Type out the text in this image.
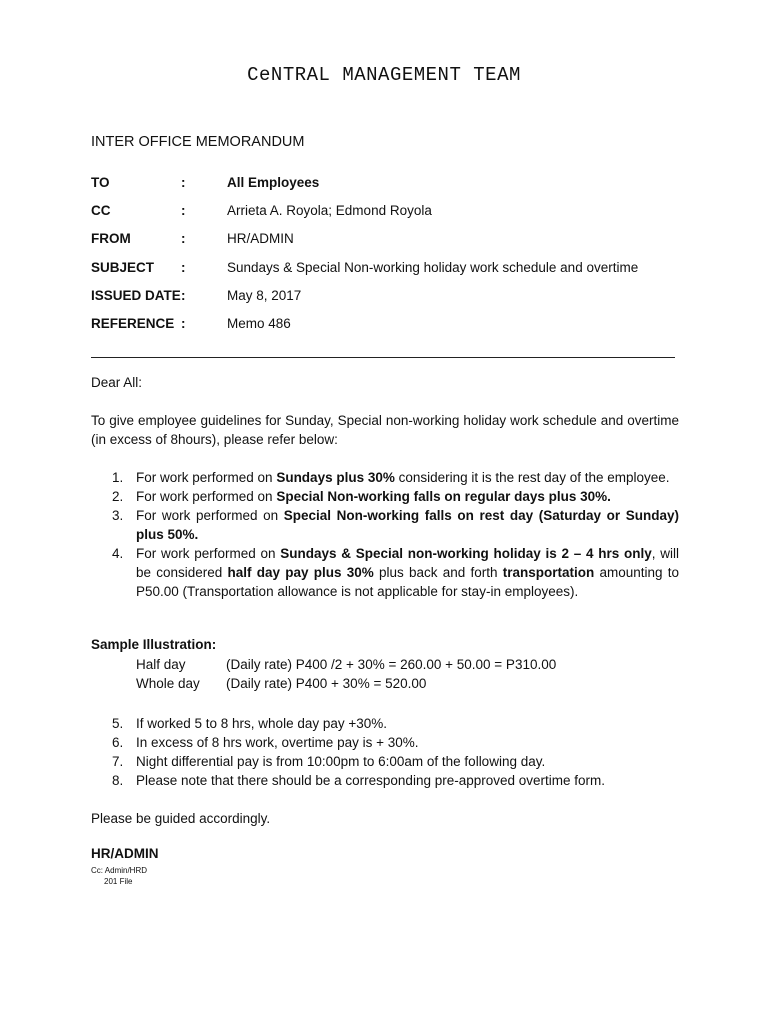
CeNTRAL MANAGEMENT TEAM
INTER OFFICE MEMORANDUM
TO	:	All Employees
CC	:	Arrieta A. Royola; Edmond Royola
FROM	:	HR/ADMIN
SUBJECT :	Sundays & Special Non-working holiday work schedule and overtime
ISSUED DATE :	May 8, 2017
REFERENCE :	Memo 486
Dear All:
To give employee guidelines for Sunday, Special non-working holiday work schedule and overtime (in excess of 8hours), please refer below:
1. For work performed on Sundays plus 30% considering it is the rest day of the employee.
2. For work performed on Special Non-working falls on regular days plus 30%.
3. For work performed on Special Non-working falls on rest day (Saturday or Sunday) plus 50%.
4. For work performed on Sundays & Special non-working holiday is 2 – 4 hrs only, will be considered half day pay plus 30% plus back and forth transportation amounting to P50.00 (Transportation allowance is not applicable for stay-in employees).
Sample Illustration:
Half day	(Daily rate) P400 /2 + 30% = 260.00 + 50.00 = P310.00
Whole day (Daily rate) P400 + 30% = 520.00
5. If worked 5 to 8 hrs, whole day pay +30%.
6. In excess of 8 hrs work, overtime pay is + 30%.
7. Night differential pay is from 10:00pm to 6:00am of the following day.
8. Please note that there should be a corresponding pre-approved overtime form.
Please be guided accordingly.
HR/ADMIN
Cc: Admin/HRD
201 File
